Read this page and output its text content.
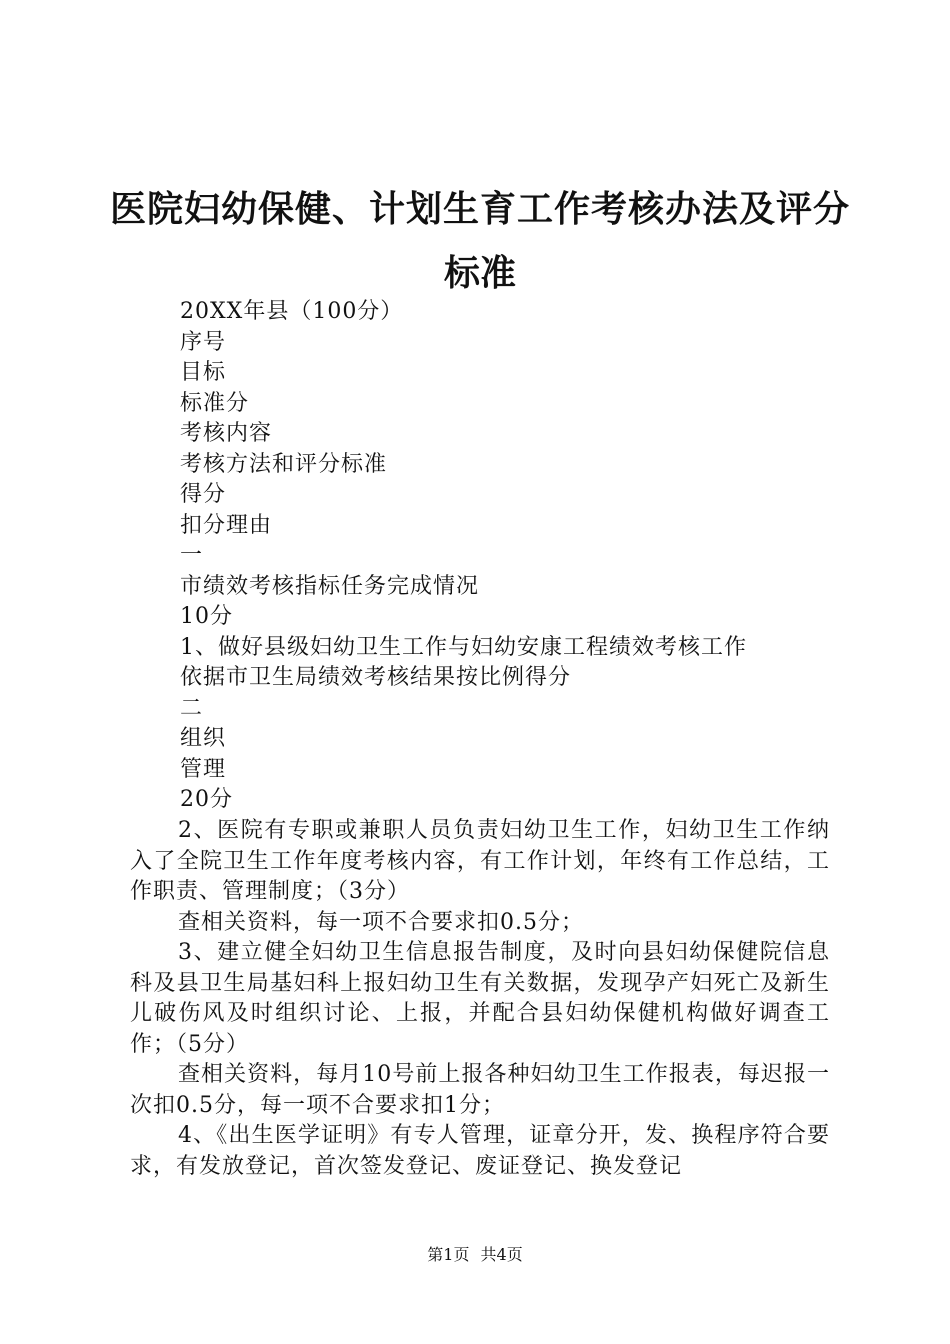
医院妇幼保健、计划生育工作考核办法及评分
标准
20XX年县（100分）
序号
目标
标准分
考核内容
考核方法和评分标准
得分
扣分理由
一
市绩效考核指标任务完成情况
10分
1、做好县级妇幼卫生工作与妇幼安康工程绩效考核工作
依据市卫生局绩效考核结果按比例得分
二
组织
管理
20分
2、医院有专职或兼职人员负责妇幼卫生工作，妇幼卫生工作纳入了全院卫生工作年度考核内容，有工作计划，年终有工作总结，工作职责、管理制度；（3分）
查相关资料，每一项不合要求扣0.5分；
3、建立健全妇幼卫生信息报告制度，及时向县妇幼保健院信息科及县卫生局基妇科上报妇幼卫生有关数据，发现孕产妇死亡及新生儿破伤风及时组织讨论、上报，并配合县妇幼保健机构做好调查工作；（5分）
查相关资料，每月10号前上报各种妇幼卫生工作报表，每迟报一次扣0.5分，每一项不合要求扣1分；
4、《出生医学证明》有专人管理，证章分开，发、换程序符合要求，有发放登记，首次签发登记、废证登记、换发登记
第1页 共4页
